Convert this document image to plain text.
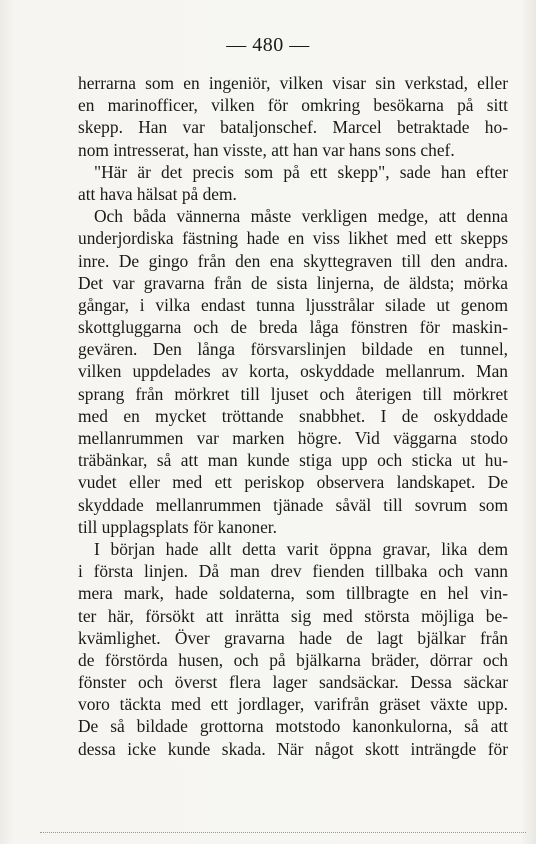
— 480 —
herrarna som en ingeniör, vilken visar sin verkstad, eller
en marinofficer, vilken för omkring besökarna på sitt
skepp. Han var bataljonschef. Marcel betraktade ho-
nom intresserat, han visste, att han var hans sons chef.
"Här är det precis som på ett skepp", sade han efter
att hava hälsat på dem.
Och båda vännerna måste verkligen medge, att denna
underjordiska fästning hade en viss likhet med ett skepps
inre. De gingo från den ena skyttegraven till den andra.
Det var gravarna från de sista linjerna, de äldsta; mörka
gångar, i vilka endast tunna ljusstrålar silade ut genom
skottgluggarna och de breda låga fönstren för maskin-
gevären. Den långa försvarslinjen bildade en tunnel,
vilken uppdelades av korta, oskyddade mellanrum. Man
sprang från mörkret till ljuset och återigen till mörkret
med en mycket tröttande snabbhet. I de oskyddade
mellanrummen var marken högre. Vid väggarna stodo
träbänkar, så att man kunde stiga upp och sticka ut hu-
vudet eller med ett periskop observera landskapet. De
skyddade mellanrummen tjänade såväl till sovrum som
till upplagsplats för kanoner.
I början hade allt detta varit öppna gravar, lika dem
i första linjen. Då man drev fienden tillbaka och vann
mera mark, hade soldaterna, som tillbragte en hel vin-
ter här, försökt att inrätta sig med största möjliga be-
kvämlighet. Över gravarna hade de lagt bjälkar från
de förstörda husen, och på bjälkarna bräder, dörrar och
fönster och överst flera lager sandsäckar. Dessa säckar
voro täckta med ett jordlager, varifrån gräset växte upp.
De så bildade grottorna motstodo kanonkulorna, så att
dessa icke kunde skada. När något skott inträngde för
